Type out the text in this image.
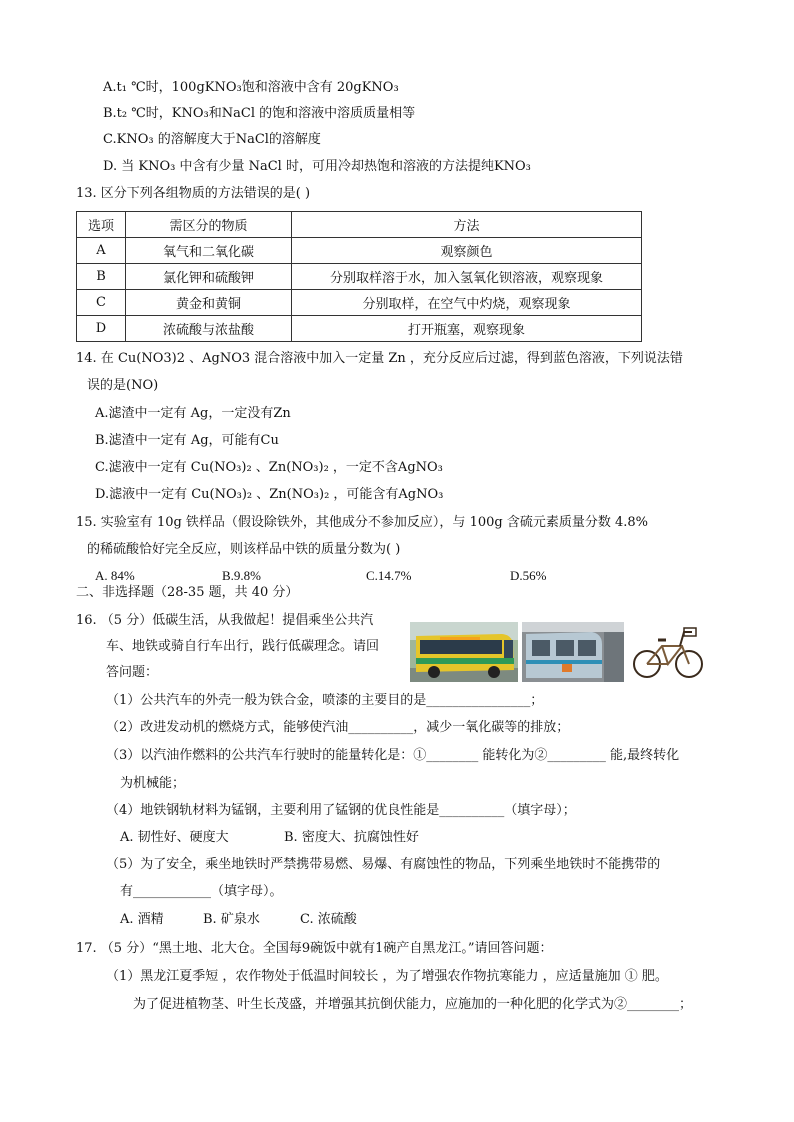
A.t₁ ℃时，100gKNO₃饱和溶液中含有 20gKNO₃
B.t₂ ℃时，KNO₃和NaCl 的饱和溶液中溶质质量相等
C.KNO₃ 的溶解度大于NaCl的溶解度
D. 当 KNO₃ 中含有少量 NaCl 时，可用冷却热饱和溶液的方法提纯KNO₃
13. 区分下列各组物质的方法错误的是( )
选项	需区分的物质	方法
A	氧气和二氧化碳	观察颜色
B	氯化钾和硫酸钾	分别取样溶于水，加入氢氧化钡溶液，观察现象
C	黄金和黄铜	分别取样，在空气中灼烧，观察现象
D	浓硫酸与浓盐酸	打开瓶塞，观察现象
14. 在 Cu(NO3)2 、AgNO3 混合溶液中加入一定量 Zn ，充分反应后过滤，得到蓝色溶液，下列说法错
误的是(NO)
A.滤渣中一定有 Ag，一定没有Zn
B.滤渣中一定有 Ag，可能有Cu
C.滤液中一定有 Cu(NO₃)₂ 、Zn(NO₃)₂ ，一定不含AgNO₃
D.滤液中一定有 Cu(NO₃)₂ 、Zn(NO₃)₂ ，可能含有AgNO₃
15. 实验室有 10g 铁样品（假设除铁外，其他成分不参加反应），与 100g 含硫元素质量分数 4.8%
的稀硫酸恰好完全反应，则该样品中铁的质量分数为( )
A. 84%	B.9.8%	C.14.7%	D.56%
二、非选择题（28-35 题，共 40 分）
16. （5 分）低碳生活，从我做起！提倡乘坐公共汽
车、地铁或骑自行车出行，践行低碳理念。请回
答问题：
（1）公共汽车的外壳一般为铁合金，喷漆的主要目的是________________；
（2）改进发动机的燃烧方式，能够使汽油__________，减少一氧化碳等的排放；
（3）以汽油作燃料的公共汽车行驶时的能量转化是：①________ 能转化为②_________ 能,最终转化
为机械能；
（4）地铁钢轨材料为锰钢，主要利用了锰钢的优良性能是__________（填字母）；
A. 韧性好、硬度大	B. 密度大、抗腐蚀性好
（5）为了安全，乘坐地铁时严禁携带易燃、易爆、有腐蚀性的物品，下列乘坐地铁时不能携带的
有____________（填字母）。
A. 酒精	B. 矿泉水	C. 浓硫酸
17. （5 分）“黑土地、北大仓。全国每9碗饭中就有1碗产自黑龙江。”请回答问题：
（1）黑龙江夏季短 ，农作物处于低温时间较长 ，为了增强农作物抗寒能力 ，应适量施加 ① 肥。
为了促进植物茎、叶生长茂盛，并增强其抗倒伏能力，应施加的一种化肥的化学式为②________；
